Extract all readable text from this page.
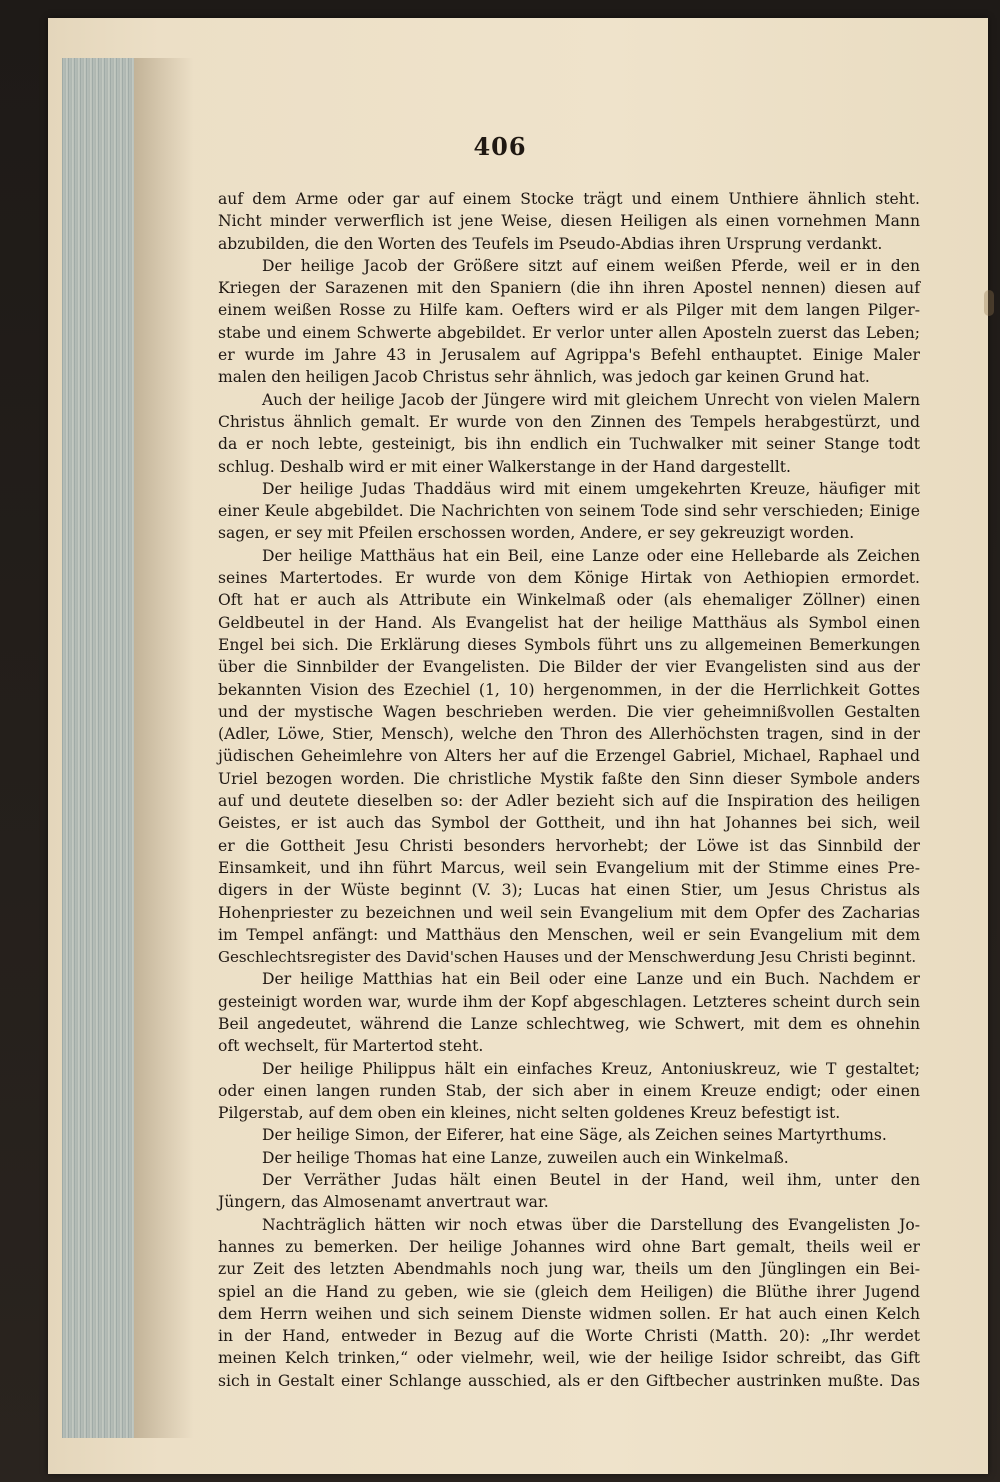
406
auf dem Arme oder gar auf einem Stocke trägt und einem Unthiere ähnlich steht.
Nicht minder verwerflich ist jene Weise, diesen Heiligen als einen vornehmen Mann
abzubilden, die den Worten des Teufels im Pseudo-Abdias ihren Ursprung verdankt.
Der heilige Jacob der Größere sitzt auf einem weißen Pferde, weil er in den
Kriegen der Sarazenen mit den Spaniern (die ihn ihren Apostel nennen) diesen auf
einem weißen Rosse zu Hilfe kam. Oefters wird er als Pilger mit dem langen Pilger-
stabe und einem Schwerte abgebildet. Er verlor unter allen Aposteln zuerst das Leben;
er wurde im Jahre 43 in Jerusalem auf Agrippa's Befehl enthauptet. Einige Maler
malen den heiligen Jacob Christus sehr ähnlich, was jedoch gar keinen Grund hat.
Auch der heilige Jacob der Jüngere wird mit gleichem Unrecht von vielen Malern
Christus ähnlich gemalt. Er wurde von den Zinnen des Tempels herabgestürzt, und
da er noch lebte, gesteinigt, bis ihn endlich ein Tuchwalker mit seiner Stange todt
schlug. Deshalb wird er mit einer Walkerstange in der Hand dargestellt.
Der heilige Judas Thaddäus wird mit einem umgekehrten Kreuze, häufiger mit
einer Keule abgebildet. Die Nachrichten von seinem Tode sind sehr verschieden; Einige
sagen, er sey mit Pfeilen erschossen worden, Andere, er sey gekreuzigt worden.
Der heilige Matthäus hat ein Beil, eine Lanze oder eine Hellebarde als Zeichen
seines Martertodes. Er wurde von dem Könige Hirtak von Aethiopien ermordet.
Oft hat er auch als Attribute ein Winkelmaß oder (als ehemaliger Zöllner) einen
Geldbeutel in der Hand. Als Evangelist hat der heilige Matthäus als Symbol einen
Engel bei sich. Die Erklärung dieses Symbols führt uns zu allgemeinen Bemerkungen
über die Sinnbilder der Evangelisten. Die Bilder der vier Evangelisten sind aus der
bekannten Vision des Ezechiel (1, 10) hergenommen, in der die Herrlichkeit Gottes
und der mystische Wagen beschrieben werden. Die vier geheimnißvollen Gestalten
(Adler, Löwe, Stier, Mensch), welche den Thron des Allerhöchsten tragen, sind in der
jüdischen Geheimlehre von Alters her auf die Erzengel Gabriel, Michael, Raphael und
Uriel bezogen worden. Die christliche Mystik faßte den Sinn dieser Symbole anders
auf und deutete dieselben so: der Adler bezieht sich auf die Inspiration des heiligen
Geistes, er ist auch das Symbol der Gottheit, und ihn hat Johannes bei sich, weil
er die Gottheit Jesu Christi besonders hervorhebt; der Löwe ist das Sinnbild der
Einsamkeit, und ihn führt Marcus, weil sein Evangelium mit der Stimme eines Pre-
digers in der Wüste beginnt (V. 3); Lucas hat einen Stier, um Jesus Christus als
Hohenpriester zu bezeichnen und weil sein Evangelium mit dem Opfer des Zacharias
im Tempel anfängt: und Matthäus den Menschen, weil er sein Evangelium mit dem
Geschlechtsregister des David'schen Hauses und der Menschwerdung Jesu Christi beginnt.
Der heilige Matthias hat ein Beil oder eine Lanze und ein Buch. Nachdem er
gesteinigt worden war, wurde ihm der Kopf abgeschlagen. Letzteres scheint durch sein
Beil angedeutet, während die Lanze schlechtweg, wie Schwert, mit dem es ohnehin
oft wechselt, für Martertod steht.
Der heilige Philippus hält ein einfaches Kreuz, Antoniuskreuz, wie T gestaltet;
oder einen langen runden Stab, der sich aber in einem Kreuze endigt; oder einen
Pilgerstab, auf dem oben ein kleines, nicht selten goldenes Kreuz befestigt ist.
Der heilige Simon, der Eiferer, hat eine Säge, als Zeichen seines Martyrthums.
Der heilige Thomas hat eine Lanze, zuweilen auch ein Winkelmaß.
Der Verräther Judas hält einen Beutel in der Hand, weil ihm, unter den
Jüngern, das Almosenamt anvertraut war.
Nachträglich hätten wir noch etwas über die Darstellung des Evangelisten Jo-
hannes zu bemerken. Der heilige Johannes wird ohne Bart gemalt, theils weil er
zur Zeit des letzten Abendmahls noch jung war, theils um den Jünglingen ein Bei-
spiel an die Hand zu geben, wie sie (gleich dem Heiligen) die Blüthe ihrer Jugend
dem Herrn weihen und sich seinem Dienste widmen sollen. Er hat auch einen Kelch
in der Hand, entweder in Bezug auf die Worte Christi (Matth. 20): „Ihr werdet
meinen Kelch trinken,“ oder vielmehr, weil, wie der heilige Isidor schreibt, das Gift
sich in Gestalt einer Schlange ausschied, als er den Giftbecher austrinken mußte. Das
